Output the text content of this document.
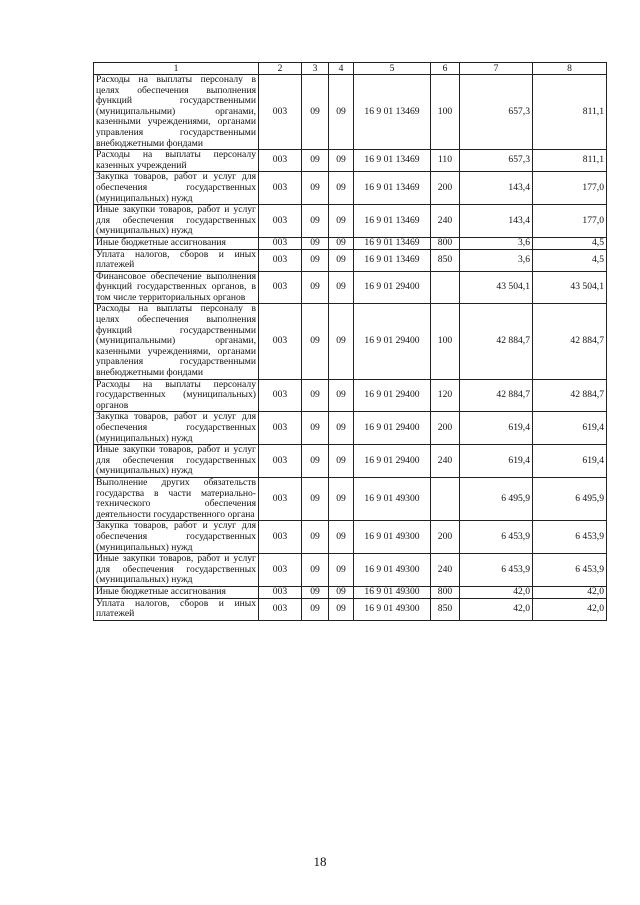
1	2	3	4	5	6	7	8
Расходы на выплаты персоналу в целях обеспечения выполнения функций государственными (муниципальными) органами, казенными учреждениями, органами управления государственными внебюджетными фондами	003	09	09	16 9 01 13469	100	657,3	811,1
Расходы на выплаты персоналу казенных учреждений	003	09	09	16 9 01 13469	110	657,3	811,1
Закупка товаров, работ и услуг для обеспечения государственных (муниципальных) нужд	003	09	09	16 9 01 13469	200	143,4	177,0
Иные закупки товаров, работ и услуг для обеспечения государственных (муниципальных) нужд	003	09	09	16 9 01 13469	240	143,4	177,0
Иные бюджетные ассигнования	003	09	09	16 9 01 13469	800	3,6	4,5
Уплата налогов, сборов и иных платежей	003	09	09	16 9 01 13469	850	3,6	4,5
Финансовое обеспечение выполнения функций государственных органов, в том числе территориальных органов	003	09	09	16 9 01 29400		43 504,1	43 504,1
Расходы на выплаты персоналу в целях обеспечения выполнения функций государственными (муниципальными) органами, казенными учреждениями, органами управления государственными внебюджетными фондами	003	09	09	16 9 01 29400	100	42 884,7	42 884,7
Расходы на выплаты персоналу государственных (муниципальных) органов	003	09	09	16 9 01 29400	120	42 884,7	42 884,7
Закупка товаров, работ и услуг для обеспечения государственных (муниципальных) нужд	003	09	09	16 9 01 29400	200	619,4	619,4
Иные закупки товаров, работ и услуг для обеспечения государственных (муниципальных) нужд	003	09	09	16 9 01 29400	240	619,4	619,4
Выполнение других обязательств государства в части материально-технического обеспечения деятельности государственного органа	003	09	09	16 9 01 49300		6 495,9	6 495,9
Закупка товаров, работ и услуг для обеспечения государственных (муниципальных) нужд	003	09	09	16 9 01 49300	200	6 453,9	6 453,9
Иные закупки товаров, работ и услуг для обеспечения государственных (муниципальных) нужд	003	09	09	16 9 01 49300	240	6 453,9	6 453,9
Иные бюджетные ассигнования	003	09	09	16 9 01 49300	800	42,0	42,0
Уплата налогов, сборов и иных платежей	003	09	09	16 9 01 49300	850	42,0	42,0
18
